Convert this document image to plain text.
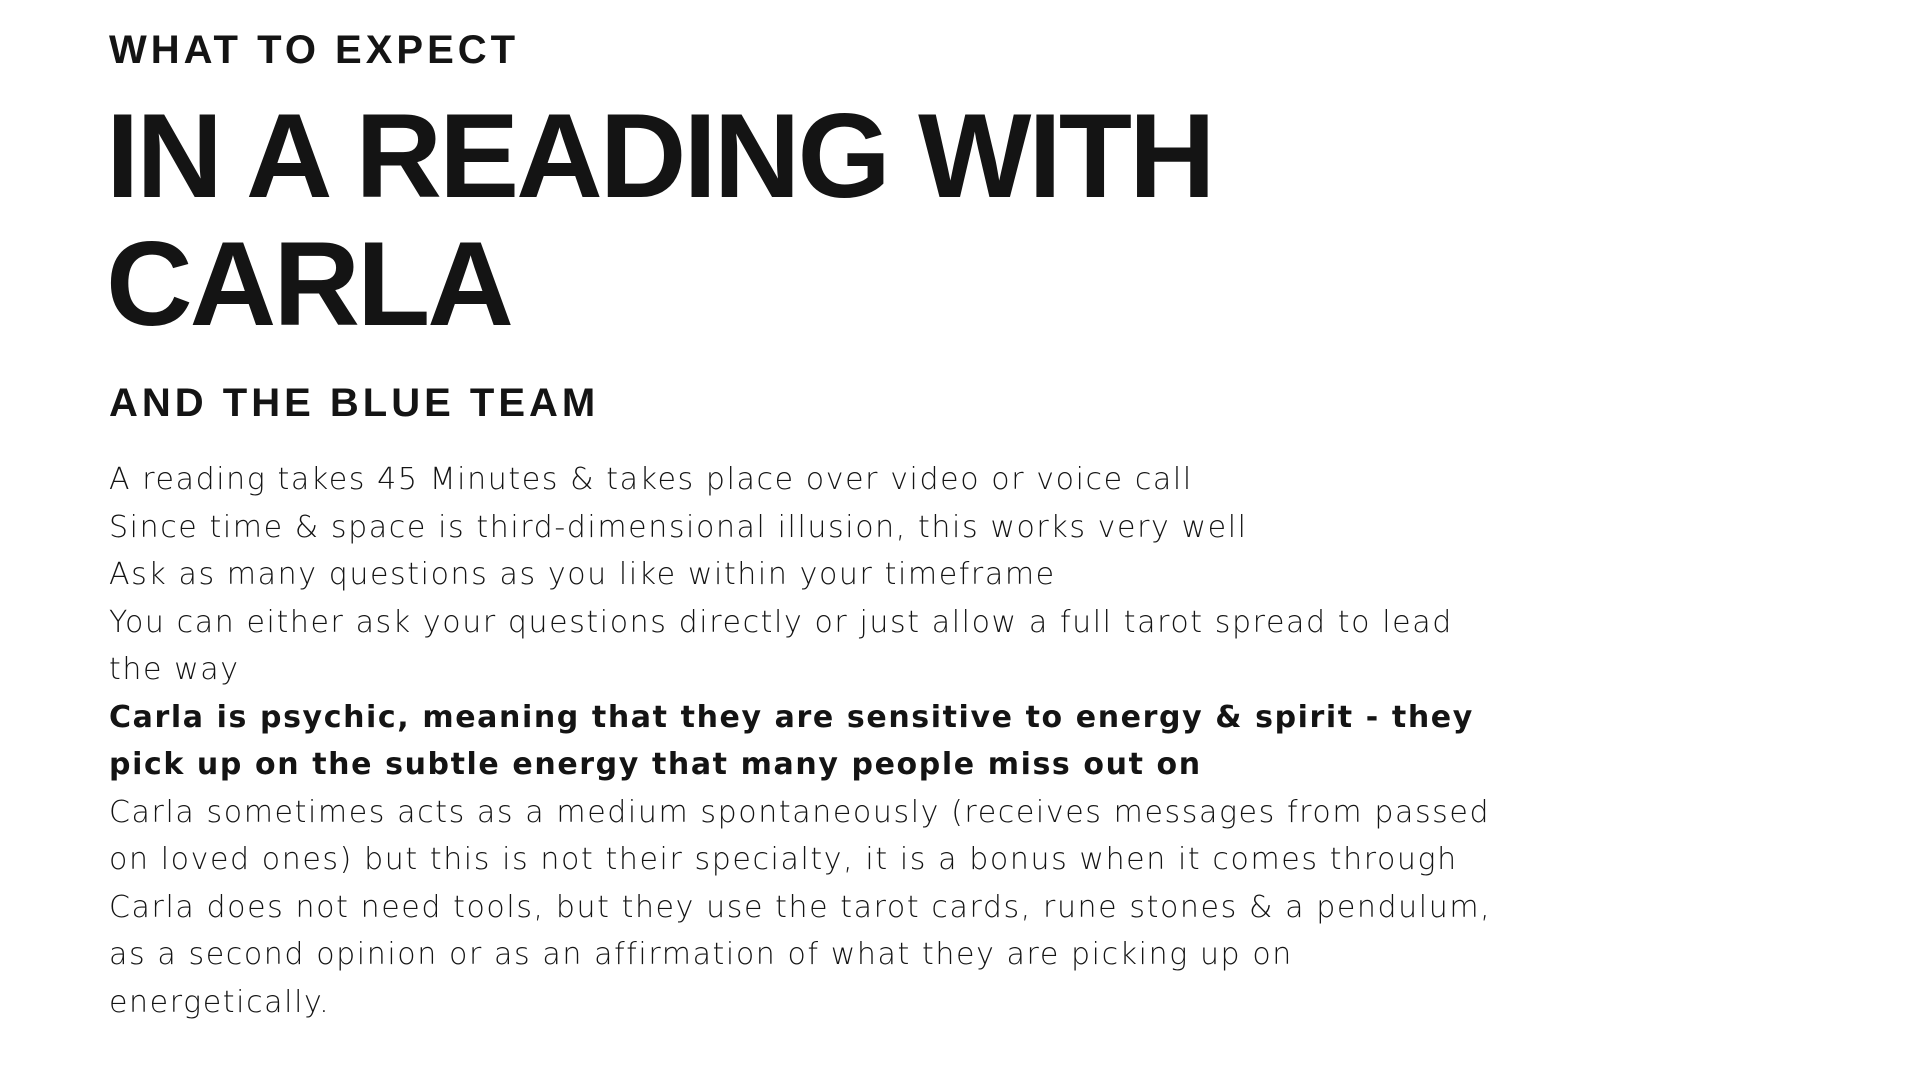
WHAT TO EXPECT
IN A READING WITH CARLA
AND THE BLUE TEAM
A reading takes 45 Minutes & takes place over video or voice call
Since time & space is third-dimensional illusion, this works very well
Ask as many questions as you like within your timeframe
You can either ask your questions directly or just allow a full tarot spread to lead the way
Carla is psychic, meaning that they are sensitive to energy & spirit - they pick up on the subtle energy that many people miss out on
Carla sometimes acts as a medium spontaneously (receives messages from passed on loved ones) but this is not their specialty, it is a bonus when it comes through
Carla does not need tools, but they use the tarot cards, rune stones & a pendulum, as a second opinion or as an affirmation of what they are picking up on energetically.
